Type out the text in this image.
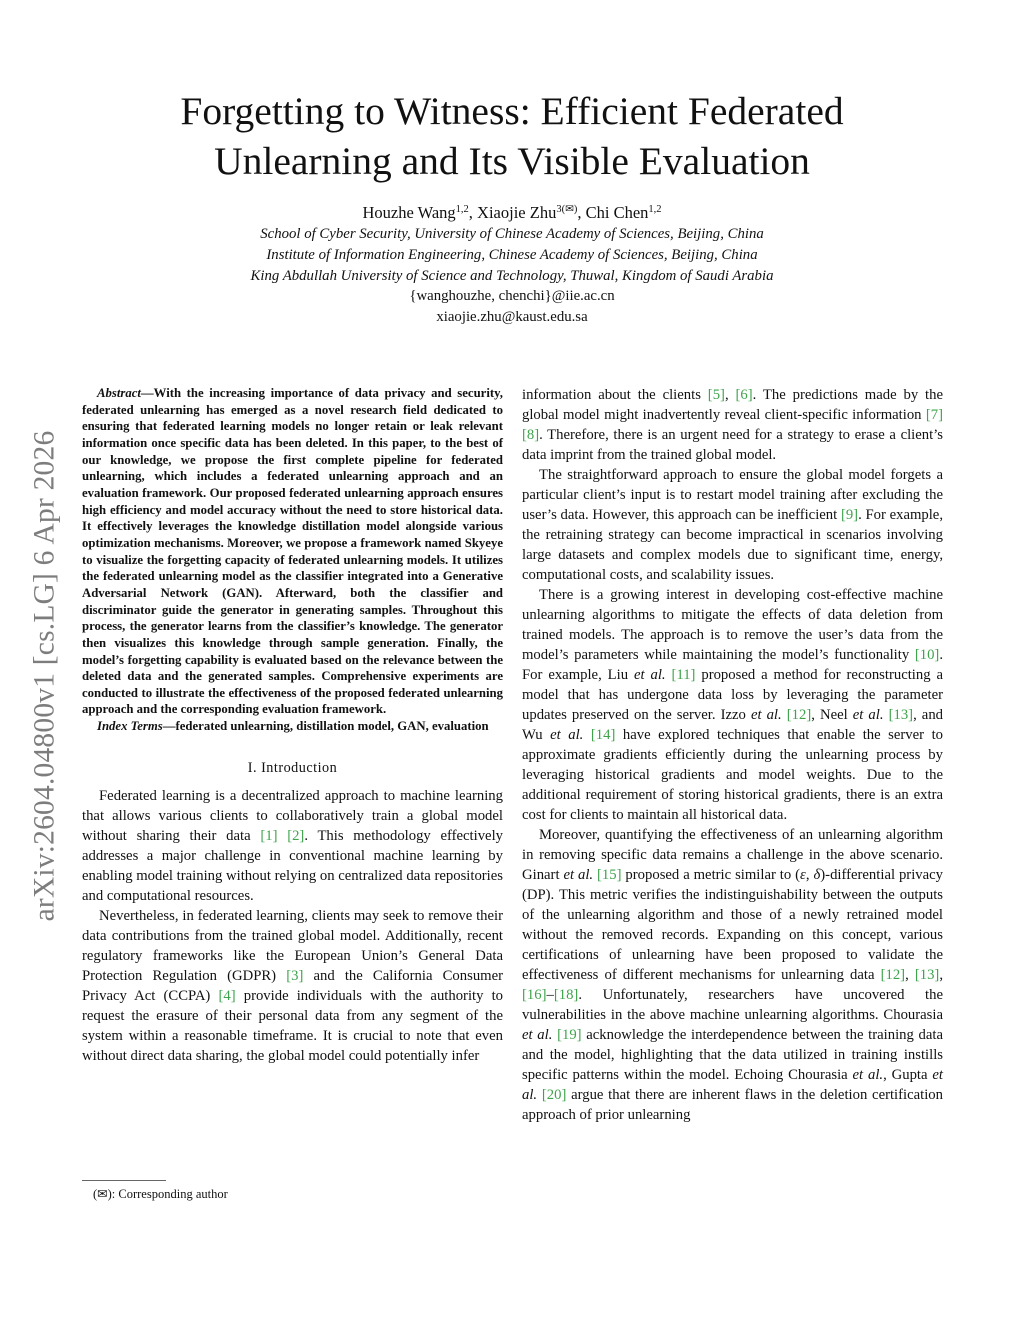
arXiv:2604.04800v1 [cs.LG] 6 Apr 2026
Forgetting to Witness: Efficient Federated
Unlearning and Its Visible Evaluation
Houzhe Wang$^{1,2}$, Xiaojie Zhu$^{3(✉)}$, Chi Chen$^{1,2}$
School of Cyber Security, University of Chinese Academy of Sciences, Beijing, China
Institute of Information Engineering, Chinese Academy of Sciences, Beijing, China
King Abdullah University of Science and Technology, Thuwal, Kingdom of Saudi Arabia
{wanghouzhe, chenchi}@iie.ac.cn
xiaojie.zhu@kaust.edu.sa

Abstract—With the increasing importance of data privacy and security, federated unlearning has emerged as a novel research field dedicated to ensuring that federated learning models no longer retain or leak relevant information once specific data has been deleted. In this paper, to the best of our knowledge, we propose the first complete pipeline for federated unlearning, which includes a federated unlearning approach and an evaluation framework. Our proposed federated unlearning approach ensures high efficiency and model accuracy without the need to store historical data. It effectively leverages the knowledge distillation model alongside various optimization mechanisms. Moreover, we propose a framework named Skyeye to visualize the forgetting capacity of federated unlearning models. It utilizes the federated unlearning model as the classifier integrated into a Generative Adversarial Network (GAN). Afterward, both the classifier and discriminator guide the generator in generating samples. Throughout this process, the generator learns from the classifier’s knowledge. The generator then visualizes this knowledge through sample generation. Finally, the model’s forgetting capability is evaluated based on the relevance between the deleted data and the generated samples. Comprehensive experiments are conducted to illustrate the effectiveness of the proposed federated unlearning approach and the corresponding evaluation framework.

Index Terms—federated unlearning, distillation model, GAN, evaluation

I. Introduction

Federated learning is a decentralized approach to machine learning that allows various clients to collaboratively train a global model without sharing their data [1] [2]. This methodology effectively addresses a major challenge in conventional machine learning by enabling model training without relying on centralized data repositories and computational resources.

Nevertheless, in federated learning, clients may seek to remove their data contributions from the trained global model. Additionally, recent regulatory frameworks like the European Union’s General Data Protection Regulation (GDPR) [3] and the California Consumer Privacy Act (CCPA) [4] provide individuals with the authority to request the erasure of their personal data from any segment of the system within a reasonable timeframe. It is crucial to note that even without direct data sharing, the global model could potentially infer

information about the clients [5], [6]. The predictions made by the global model might inadvertently reveal client-specific information [7] [8]. Therefore, there is an urgent need for a strategy to erase a client’s data imprint from the trained global model.

The straightforward approach to ensure the global model forgets a particular client’s input is to restart model training after excluding the user’s data. However, this approach can be inefficient [9]. For example, the retraining strategy can become impractical in scenarios involving large datasets and complex models due to significant time, energy, computational costs, and scalability issues.

There is a growing interest in developing cost-effective machine unlearning algorithms to mitigate the effects of data deletion from trained models. The approach is to remove the user’s data from the model’s parameters while maintaining the model’s functionality [10]. For example, Liu et al. [11] proposed a method for reconstructing a model that has undergone data loss by leveraging the parameter updates preserved on the server. Izzo et al. [12], Neel et al. [13], and Wu et al. [14] have explored techniques that enable the server to approximate gradients efficiently during the unlearning process by leveraging historical gradients and model weights. Due to the additional requirement of storing historical gradients, there is an extra cost for clients to maintain all historical data.

Moreover, quantifying the effectiveness of an unlearning algorithm in removing specific data remains a challenge in the above scenario. Ginart et al. [15] proposed a metric similar to (ε, δ)-differential privacy (DP). This metric verifies the indistinguishability between the outputs of the unlearning algorithm and those of a newly retrained model without the removed records. Expanding on this concept, various certifications of unlearning have been proposed to validate the effectiveness of different mechanisms for unlearning data [12], [13], [16]–[18]. Unfortunately, researchers have uncovered the vulnerabilities in the above machine unlearning algorithms. Chourasia et al. [19] acknowledge the interdependence between the training data and the model, highlighting that the data utilized in training instills specific patterns within the model. Echoing Chourasia et al., Gupta et al. [20] argue that there are inherent flaws in the deletion certification approach of prior unlearning

(✉): Corresponding author
